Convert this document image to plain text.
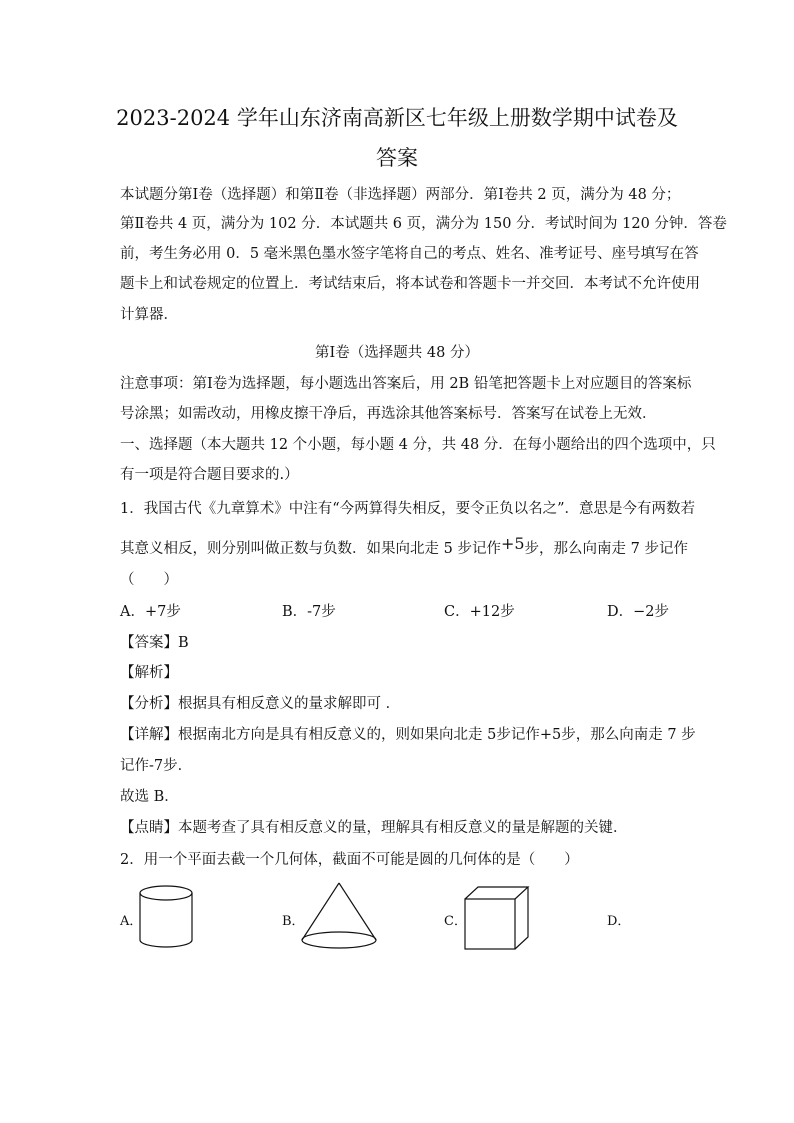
2023-2024 学年山东济南高新区七年级上册数学期中试卷及
答案
本试题分第Ⅰ卷（选择题）和第Ⅱ卷（非选择题）两部分．第Ⅰ卷共 2 页，满分为 48 分；
第Ⅱ卷共 4 页，满分为 102 分．本试题共 6 页，满分为 150 分．考试时间为 120 分钟．答卷
前，考生务必用 0．5 毫米黑色墨水签字笔将自己的考点、姓名、准考证号、座号填写在答
题卡上和试卷规定的位置上．考试结束后，将本试卷和答题卡一并交回．本考试不允许使用
计算器．
第Ⅰ卷（选择题共 48 分）
注意事项：第Ⅰ卷为选择题，每小题选出答案后，用 2B 铅笔把答题卡上对应题目的答案标
号涂黑；如需改动，用橡皮擦干净后，再选涂其他答案标号．答案写在试卷上无效．
一、选择题（本大题共 12 个小题，每小题 4 分，共 48 分．在每小题给出的四个选项中，只
有一项是符合题目要求的.）
1．我国古代《九章算术》中注有“今两算得失相反，要令正负以名之”．意思是今有两数若
其意义相反，则分别叫做正数与负数．如果向北走 5 步记作+5步，那么向南走 7 步记作
（　　）
A．+7步	B．-7步	C．+12步	D．−2步
【答案】B
【解析】
【分析】根据具有相反意义的量求解即可 ．
【详解】根据南北方向是具有相反意义的，则如果向北走 5步记作+5步，那么向南走 7 步
记作-7步．
故选 B．
【点睛】本题考查了具有相反意义的量，理解具有相反意义的量是解题的关键．
2．用一个平面去截一个几何体，截面不可能是圆的几何体的是（　　）
A．	B．	C．	D．
